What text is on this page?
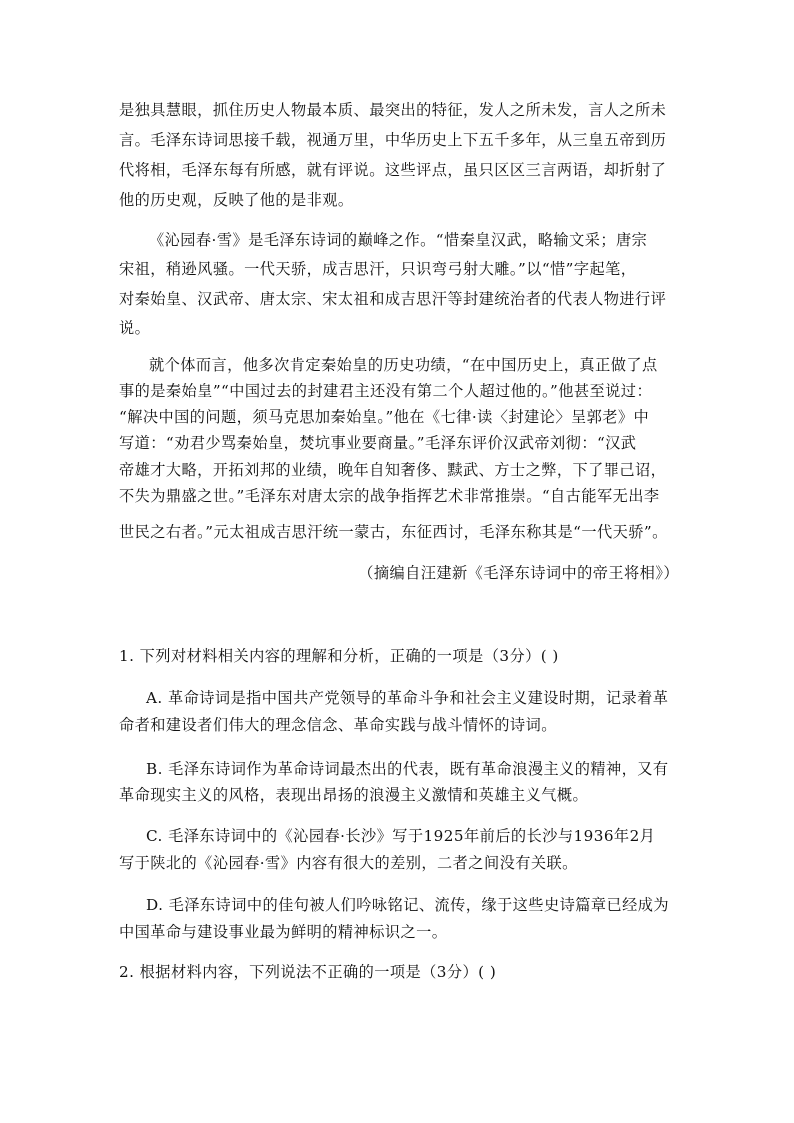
是独具慧眼，抓住历史人物最本质、最突出的特征，发人之所未发，言人之所未
言。毛泽东诗词思接千载，视通万里，中华历史上下五千多年，从三皇五帝到历
代将相，毛泽东每有所感，就有评说。这些评点，虽只区区三言两语，却折射了
他的历史观，反映了他的是非观。
《沁园春·雪》是毛泽东诗词的巅峰之作。“惜秦皇汉武，略输文采；唐宗
宋祖，稍逊风骚。一代天骄，成吉思汗，只识弯弓射大雕。”以“惜”字起笔，
对秦始皇、汉武帝、唐太宗、宋太祖和成吉思汗等封建统治者的代表人物进行评
说。
就个体而言，他多次肯定秦始皇的历史功绩，“在中国历史上，真正做了点
事的是秦始皇”“中国过去的封建君主还没有第二个人超过他的。”他甚至说过：
“解决中国的问题，须马克思加秦始皇。”他在《七律·读〈封建论〉呈郭老》中
写道：“劝君少骂秦始皇，焚坑事业要商量。”毛泽东评价汉武帝刘彻：“汉武
帝雄才大略，开拓刘邦的业绩，晚年自知奢侈、黩武、方士之弊，下了罪己诏，
不失为鼎盛之世。”毛泽东对唐太宗的战争指挥艺术非常推崇。“自古能军无出李
世民之右者。”元太祖成吉思汗统一蒙古，东征西讨，毛泽东称其是“一代天骄”。
（摘编自汪建新《毛泽东诗词中的帝王将相》）
1. 下列对材料相关内容的理解和分析，正确的一项是（3分）( )
A. 革命诗词是指中国共产党领导的革命斗争和社会主义建设时期，记录着革
命者和建设者们伟大的理念信念、革命实践与战斗情怀的诗词。
B. 毛泽东诗词作为革命诗词最杰出的代表，既有革命浪漫主义的精神，又有
革命现实主义的风格，表现出昂扬的浪漫主义激情和英雄主义气概。
C. 毛泽东诗词中的《沁园春·长沙》写于1925年前后的长沙与1936年2月
写于陕北的《沁园春·雪》内容有很大的差别，二者之间没有关联。
D. 毛泽东诗词中的佳句被人们吟咏铭记、流传，缘于这些史诗篇章已经成为
中国革命与建设事业最为鲜明的精神标识之一。
2. 根据材料内容，下列说法不正确的一项是（3分）( )
